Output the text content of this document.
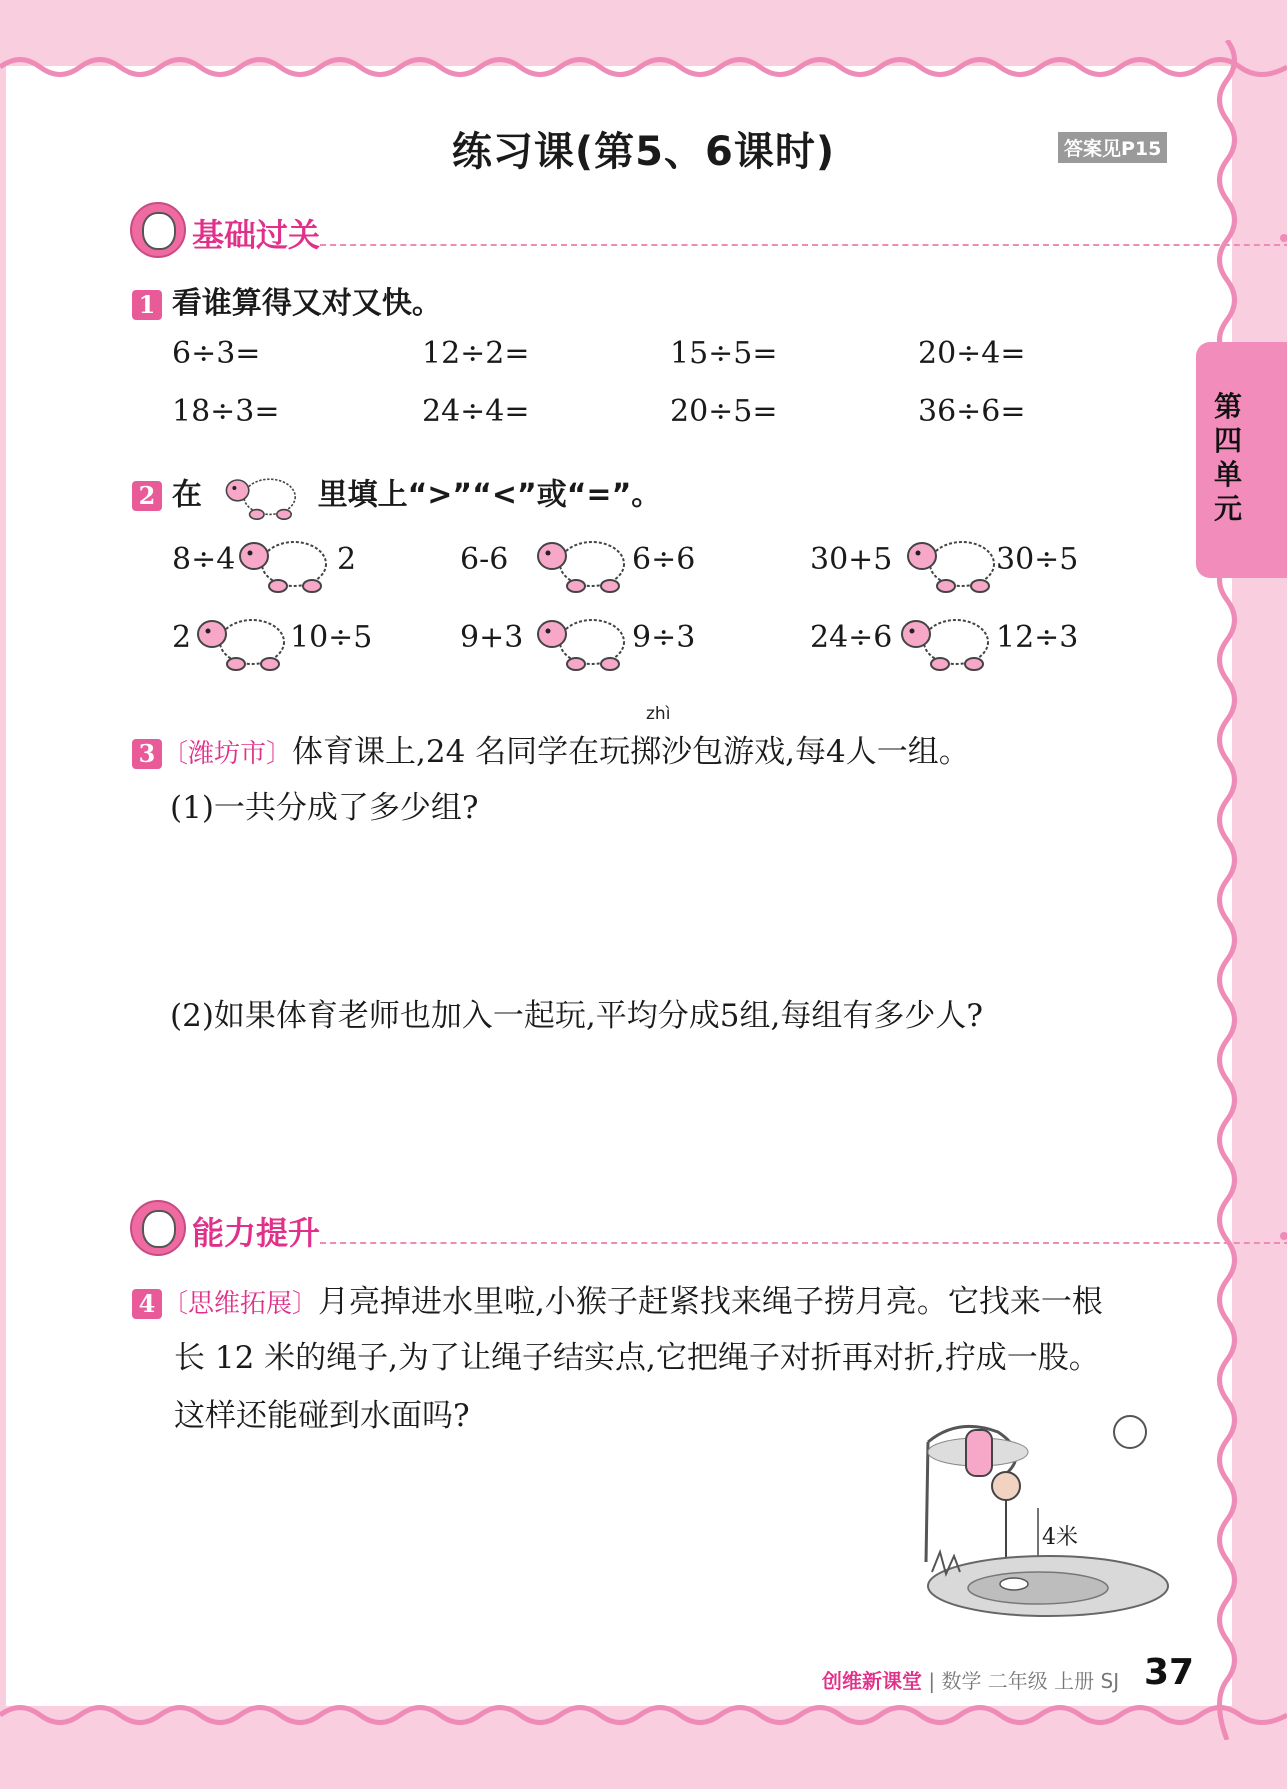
练习课(第5、6课时)	答案见P15
第四单元
基础过关
1 看谁算得又对又快。
6÷3=	12÷2=	15÷5=	20÷4=
18÷3=	24÷4=	20÷5=	36÷6=
2 在	里填上“>”“<”或“=”。
8÷4	2	6-6	6÷6	30+5	30÷5
2	10÷5	9+3	9÷3	24÷6	12÷3
zhì
3 〔潍坊市〕体育课上,24 名同学在玩掷沙包游戏,每4人一组。
(1)一共分成了多少组?
(2)如果体育老师也加入一起玩,平均分成5组,每组有多少人?
能力提升
4 〔思维拓展〕月亮掉进水里啦,小猴子赶紧找来绳子捞月亮。它找来一根
长 12 米的绳子,为了让绳子结实点,它把绳子对折再对折,拧成一股。
这样还能碰到水面吗?
4米
创维新课堂 | 数学 二年级 上册 SJ 37
